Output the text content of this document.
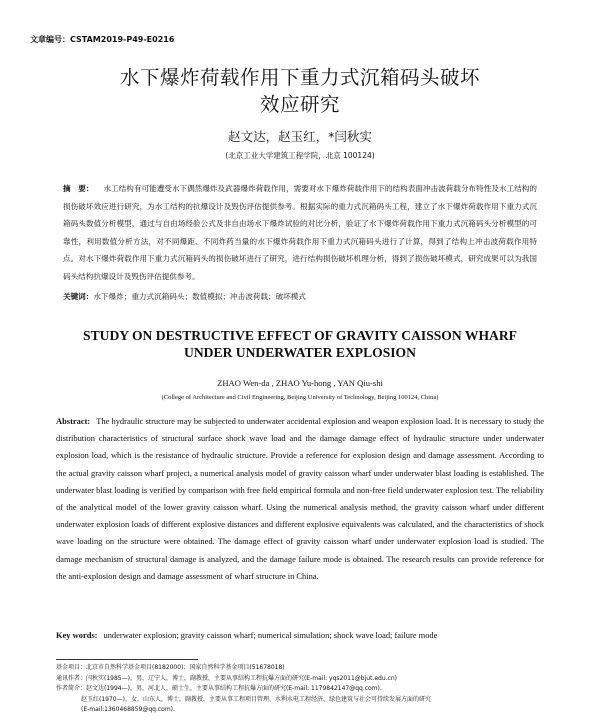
文章编号：CSTAM2019-P49-E0216
水下爆炸荷载作用下重力式沉箱码头破坏
效应研究
赵文达，赵玉红，*闫秋实
(北京工业大学建筑工程学院，北京 100124)
摘　要： 水工结构有可能遭受水下偶然爆炸及武器爆炸荷载作用，需要对水下爆炸荷载作用下的结构表面冲击波荷载分布特性及水工结构的损伤破坏效应进行研究，为水工结构的抗爆设计及毁伤评估提供参考。根据实际的重力式沉箱码头工程，建立了水下爆炸荷载作用下重力式沉箱码头数值分析模型，通过与自由场经验公式及非自由场水下爆炸试验的对比分析，验证了水下爆炸荷载作用下重力式沉箱码头分析模型的可靠性，利用数值分析方法，对不同爆距、不同炸药当量的水下爆炸荷载作用下重力式沉箱码头进行了计算，得到了结构上冲击波荷载作用特点。对水下爆炸荷载作用下重力式沉箱码头的损伤破坏进行了研究，进行结构损伤破坏机理分析，得到了损伤破坏模式，研究成果可以为我国码头结构抗爆设计及毁伤评估提供参考。
关键词：水下爆炸；重力式沉箱码头；数值模拟；冲击波荷载；破坏模式
STUDY ON DESTRUCTIVE EFFECT OF GRAVITY CAISSON WHARF
UNDER UNDERWATER EXPLOSION
ZHAO Wen-da , ZHAO Yu-hong , YAN Qiu-shi
(College of Architecture and Civil Engineering, Beijing University of Technology, Beijing 100124, China)
Abstract: The hydraulic structure may be subjected to underwater accidental explosion and weapon explosion load. It is necessary to study the distribution characteristics of structural surface shock wave load and the damage damage effect of hydraulic structure under underwater explosion load, which is the resistance of hydraulic structure. Provide a reference for explosion design and damage assessment. According to the actual gravity caisson wharf project, a numerical analysis model of gravity caisson wharf under underwater blast loading is established. The underwater blast loading is verified by comparison with free field empirical formula and non-free field underwater explosion test. The reliability of the analytical model of the lower gravity caisson wharf. Using the numerical analysis method, the gravity caisson wharf under different underwater explosion loads of different explosive distances and different explosive equivalents was calculated, and the characteristics of shock wave loading on the structure were obtained. The damage effect of gravity caisson wharf under underwater explosion load is studied. The damage mechanism of structural damage is analyzed, and the damage failure mode is obtained. The research results can provide reference for the anti-explosion design and damage assessment of wharf structure in China.
Key words: underwater explosion; gravity caisson wharf; numerical simulation; shock wave load; failure mode
基金项目：北京市自然科学基金项目(8182000)；国家自然科学基金项目(51678018)
通讯作者：闫秋实(1985—)，男，辽宁人，博士，副教授，主要从事结构工程抗爆方面的研究(E-mail: yqs2011@bjut.edu.cn)
作者简介：赵文达(1994—)，男，河北人，硕士生，主要从事结构工程抗爆方面的研究(E-mail: 1179842147@qq.com).
赵玉红(1970—)，女，山东人，博士，副教授，主要从事工程项目管理、水利水电工程经济、绿色建筑与社会可持续发展方面的研究
(E-mail:1360468859@qq.com).
